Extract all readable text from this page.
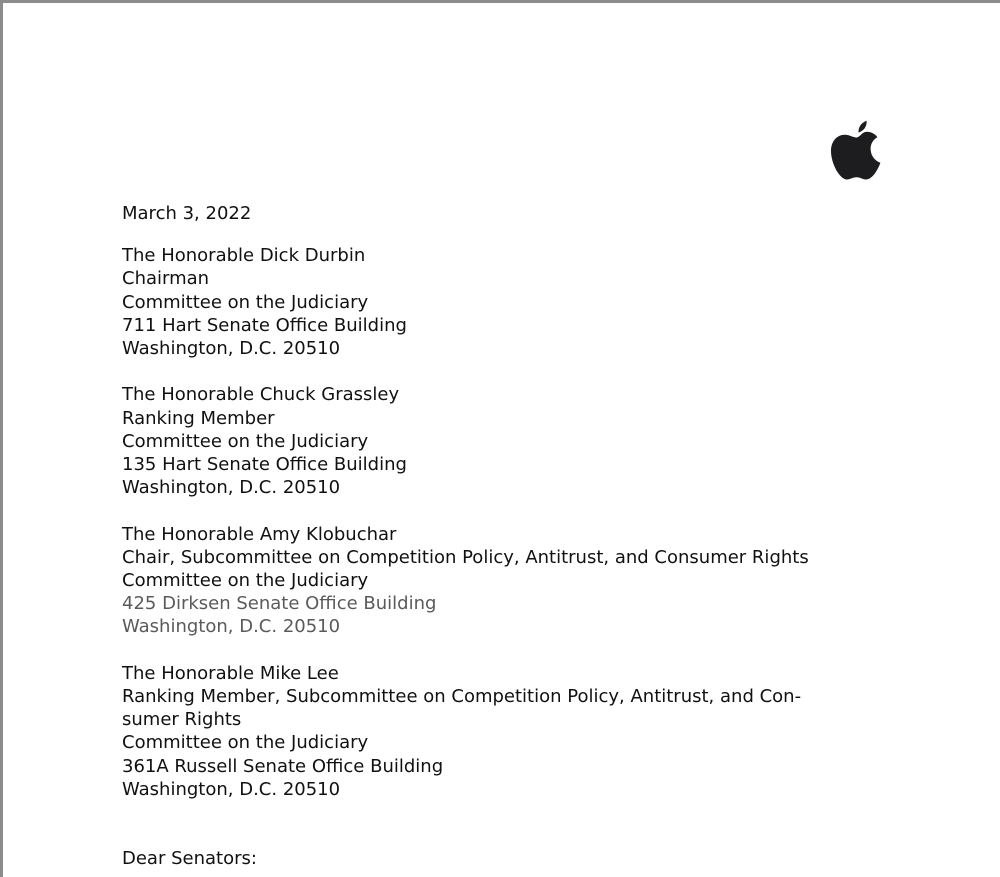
March 3, 2022
The Honorable Dick Durbin
Chairman
Committee on the Judiciary
711 Hart Senate Office Building
Washington, D.C. 20510
The Honorable Chuck Grassley
Ranking Member
Committee on the Judiciary
135 Hart Senate Office Building
Washington, D.C. 20510
The Honorable Amy Klobuchar
Chair, Subcommittee on Competition Policy, Antitrust, and Consumer Rights
Committee on the Judiciary
425 Dirksen Senate Office Building
Washington, D.C. 20510
The Honorable Mike Lee
Ranking Member, Subcommittee on Competition Policy, Antitrust, and Con-
sumer Rights
Committee on the Judiciary
361A Russell Senate Office Building
Washington, D.C. 20510
Dear Senators:
